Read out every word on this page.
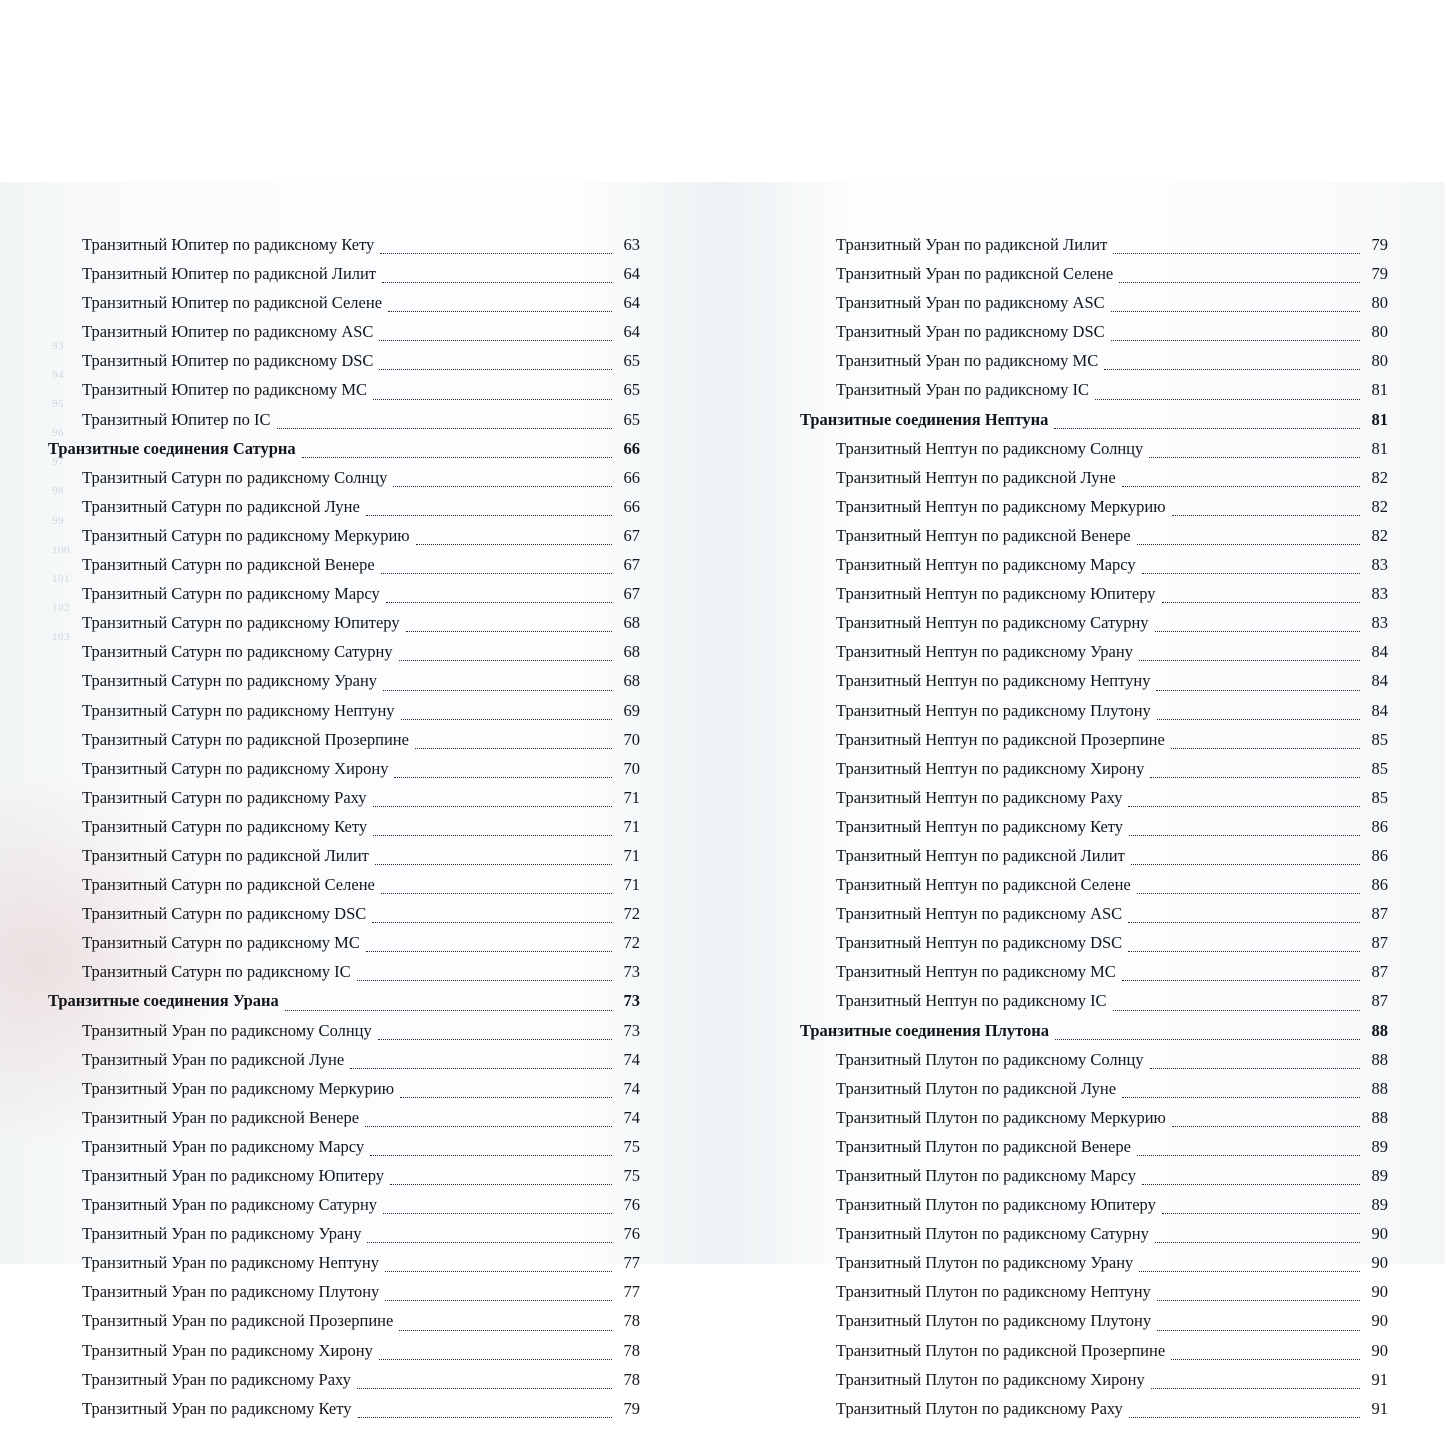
93
94
95
96
97
98
99
100
101
102
103
Транзитный Юпитер по радиксному Кету	63
Транзитный Юпитер по радиксной Лилит	64
Транзитный Юпитер по радиксной Селене	64
Транзитный Юпитер по радиксному ASC	64
Транзитный Юпитер по радиксному DSC	65
Транзитный Юпитер по радиксному MC	65
Транзитный Юпитер по IC	65
Транзитные соединения Сатурна	66
Транзитный Сатурн по радиксному Солнцу	66
Транзитный Сатурн по радиксной Луне	66
Транзитный Сатурн по радиксному Меркурию	67
Транзитный Сатурн по радиксной Венере	67
Транзитный Сатурн по радиксному Марсу	67
Транзитный Сатурн по радиксному Юпитеру	68
Транзитный Сатурн по радиксному Сатурну	68
Транзитный Сатурн по радиксному Урану	68
Транзитный Сатурн по радиксному Нептуну	69
Транзитный Сатурн по радиксной Прозерпине	70
Транзитный Сатурн по радиксному Хирону	70
Транзитный Сатурн по радиксному Раху	71
Транзитный Сатурн по радиксному Кету	71
Транзитный Сатурн по радиксной Лилит	71
Транзитный Сатурн по радиксной Селене	71
Транзитный Сатурн по радиксному DSC	72
Транзитный Сатурн по радиксному MC	72
Транзитный Сатурн по радиксному IC	73
Транзитные соединения Урана	73
Транзитный Уран по радиксному Солнцу	73
Транзитный Уран по радиксной Луне	74
Транзитный Уран по радиксному Меркурию	74
Транзитный Уран по радиксной Венере	74
Транзитный Уран по радиксному Марсу	75
Транзитный Уран по радиксному Юпитеру	75
Транзитный Уран по радиксному Сатурну	76
Транзитный Уран по радиксному Урану	76
Транзитный Уран по радиксному Нептуну	77
Транзитный Уран по радиксному Плутону	77
Транзитный Уран по радиксной Прозерпине	78
Транзитный Уран по радиксному Хирону	78
Транзитный Уран по радиксному Раху	78
Транзитный Уран по радиксному Кету	79
Транзитный Уран по радиксной Лилит	79
Транзитный Уран по радиксной Селене	79
Транзитный Уран по радиксному ASC	80
Транзитный Уран по радиксному DSC	80
Транзитный Уран по радиксному MC	80
Транзитный Уран по радиксному IC	81
Транзитные соединения Нептуна	81
Транзитный Нептун по радиксному Солнцу	81
Транзитный Нептун по радиксной Луне	82
Транзитный Нептун по радиксному Меркурию	82
Транзитный Нептун по радиксной Венере	82
Транзитный Нептун по радиксному Марсу	83
Транзитный Нептун по радиксному Юпитеру	83
Транзитный Нептун по радиксному Сатурну	83
Транзитный Нептун по радиксному Урану	84
Транзитный Нептун по радиксному Нептуну	84
Транзитный Нептун по радиксному Плутону	84
Транзитный Нептун по радиксной Прозерпине	85
Транзитный Нептун по радиксному Хирону	85
Транзитный Нептун по радиксному Раху	85
Транзитный Нептун по радиксному Кету	86
Транзитный Нептун по радиксной Лилит	86
Транзитный Нептун по радиксной Селене	86
Транзитный Нептун по радиксному ASC	87
Транзитный Нептун по радиксному DSC	87
Транзитный Нептун по радиксному MC	87
Транзитный Нептун по радиксному IC	87
Транзитные соединения Плутона	88
Транзитный Плутон по радиксному Солнцу	88
Транзитный Плутон по радиксной Луне	88
Транзитный Плутон по радиксному Меркурию	88
Транзитный Плутон по радиксной Венере	89
Транзитный Плутон по радиксному Марсу	89
Транзитный Плутон по радиксному Юпитеру	89
Транзитный Плутон по радиксному Сатурну	90
Транзитный Плутон по радиксному Урану	90
Транзитный Плутон по радиксному Нептуну	90
Транзитный Плутон по радиксному Плутону	90
Транзитный Плутон по радиксной Прозерпине	90
Транзитный Плутон по радиксному Хирону	91
Транзитный Плутон по радиксному Раху	91
